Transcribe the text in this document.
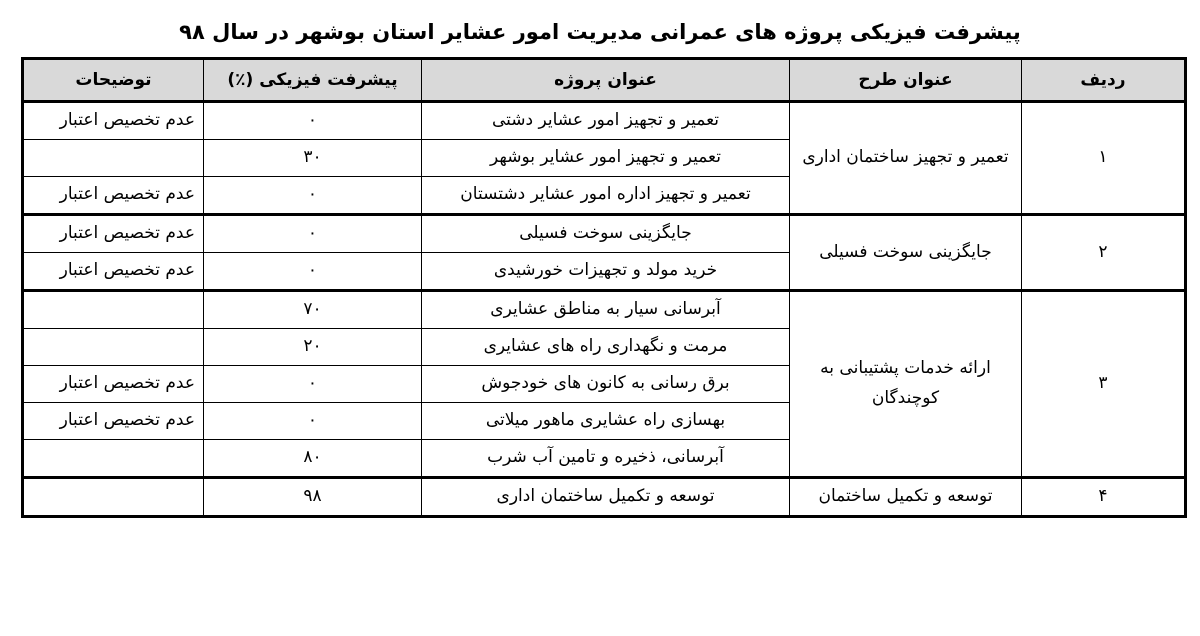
پیشرفت فیزیکی پروژه های عمرانی مدیریت امور عشایر استان بوشهر در سال ۹۸
ردیف	عنوان طرح	عنوان پروژه	پیشرفت فیزیکی (٪)	توضیحات
۱	تعمیر و تجهیز ساختمان اداری	تعمیر و تجهیز امور عشایر دشتی	۰	عدم تخصیص اعتبار
		تعمیر و تجهیز امور عشایر بوشهر	۳۰	
		تعمیر و تجهیز اداره امور عشایر دشتستان	۰	عدم تخصیص اعتبار
۲	جایگزینی سوخت فسیلی	جایگزینی سوخت فسیلی	۰	عدم تخصیص اعتبار
		خرید مولد و تجهیزات خورشیدی	۰	عدم تخصیص اعتبار
۳	ارائه خدمات پشتیبانی به کوچندگان	آبرسانی سیار به مناطق عشایری	۷۰	
		مرمت و نگهداری راه های عشایری	۲۰	
		برق رسانی به کانون های خودجوش	۰	عدم تخصیص اعتبار
		بهسازی راه عشایری ماهور میلاتی	۰	عدم تخصیص اعتبار
		آبرسانی، ذخیره و تامین آب شرب	۸۰	
۴	توسعه و تکمیل ساختمان	توسعه و تکمیل ساختمان اداری	۹۸	
